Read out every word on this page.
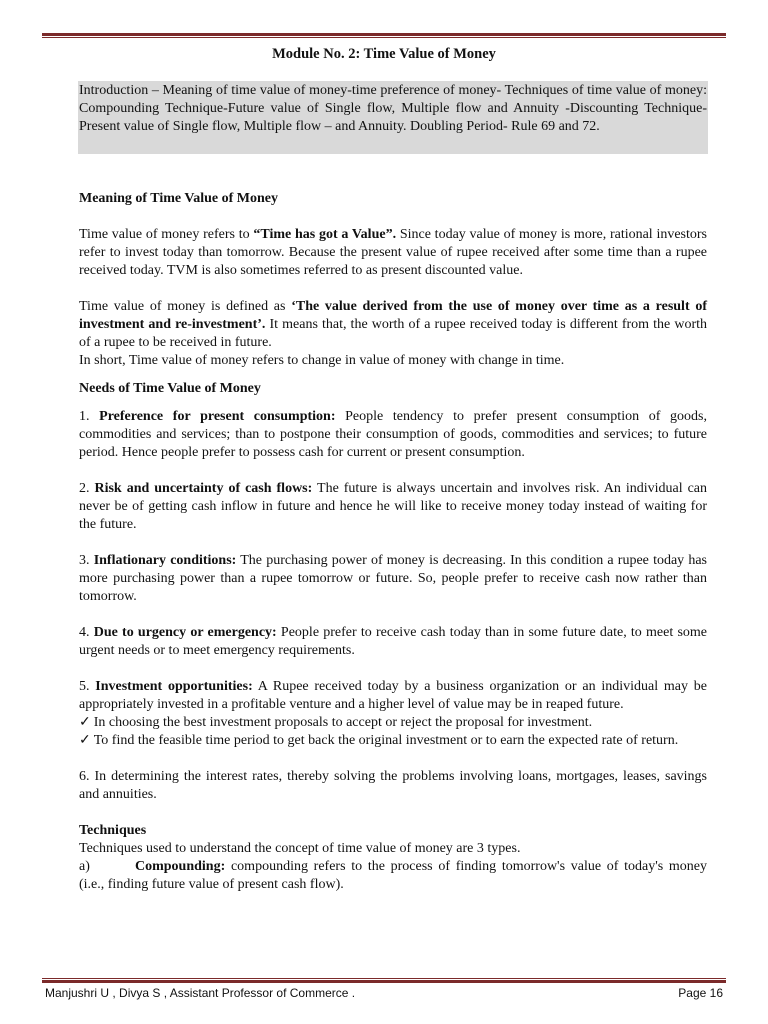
Module No. 2: Time Value of Money
Introduction – Meaning of time value of money-time preference of money- Techniques of time value of money: Compounding Technique-Future value of Single flow, Multiple flow and Annuity -Discounting Technique-Present value of Single flow, Multiple flow – and Annuity. Doubling Period- Rule 69 and 72.

Meaning of Time Value of Money

Time value of money refers to “Time has got a Value”. Since today value of money is more, rational investors refer to invest today than tomorrow. Because the present value of rupee received after some time than a rupee received today. TVM is also sometimes referred to as present discounted value.

Time value of money is defined as ‘The value derived from the use of money over time as a result of investment and re-investment’. It means that, the worth of a rupee received today is different from the worth of a rupee to be received in future.

In short, Time value of money refers to change in value of money with change in time.

Needs of Time Value of Money

1. Preference for present consumption: People tendency to prefer present consumption of goods, commodities and services; than to postpone their consumption of goods, commodities and services; to future period. Hence people prefer to possess cash for current or present consumption.

2. Risk and uncertainty of cash flows: The future is always uncertain and involves risk. An individual can never be of getting cash inflow in future and hence he will like to receive money today instead of waiting for the future.

3. Inflationary conditions: The purchasing power of money is decreasing. In this condition a rupee today has more purchasing power than a rupee tomorrow or future. So, people prefer to receive cash now rather than tomorrow.

4. Due to urgency or emergency: People prefer to receive cash today than in some future date, to meet some urgent needs or to meet emergency requirements.

5. Investment opportunities: A Rupee received today by a business organization or an individual may be appropriately invested in a profitable venture and a higher level of value may be in reaped future.

✓ In choosing the best investment proposals to accept or reject the proposal for investment.

✓ To find the feasible time period to get back the original investment or to earn the expected rate of return.

6. In determining the interest rates, thereby solving the problems involving loans, mortgages, leases, savings and annuities.

Techniques

Techniques used to understand the concept of time value of money are 3 types.

a)	Compounding: compounding refers to the process of finding tomorrow's value of today's money (i.e., finding future value of present cash flow).

Manjushri U , Divya S , Assistant Professor of Commerce .	Page 16
